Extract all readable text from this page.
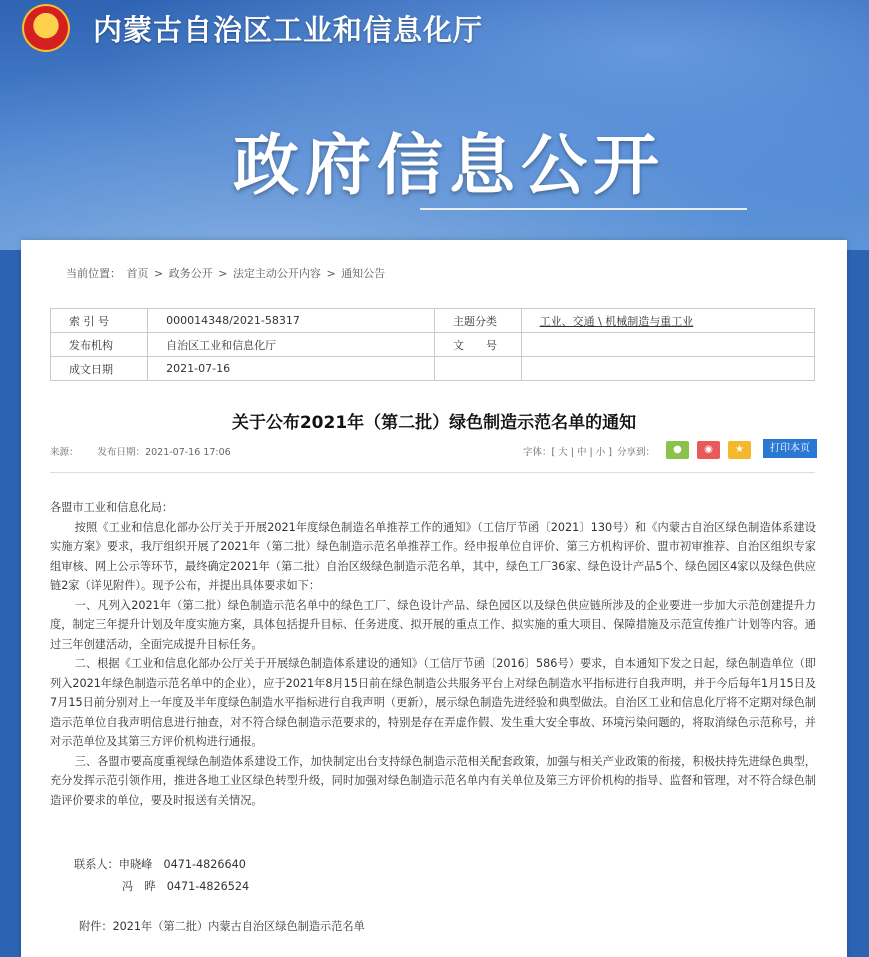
★	内蒙古自治区工业和信息化厅
政府信息公开
当前位置： 首页 > 政务公开 > 法定主动公开内容 > 通知公告
索 引 号	000014348/2021-58317	主题分类	工业、交通 \ 机械制造与重工业
发布机构	自治区工业和信息化厅	文　　号	
成文日期	2021-07-16		
关于公布2021年（第二批）绿色制造示范名单的通知
来源： 发布日期：2021-07-16 17:06	字体：[ 大 | 中 | 小 ] 分享到：	●	◉	★	打印本页

各盟市工业和信息化局：

按照《工业和信息化部办公厅关于开展2021年度绿色制造名单推荐工作的通知》（工信厅节函〔2021〕130号）和《内蒙古自治区绿色制造体系建设实施方案》要求，我厅组织开展了2021年（第二批）绿色制造示范名单推荐工作。经申报单位自评价、第三方机构评价、盟市初审推荐、自治区组织专家组审核、网上公示等环节，最终确定2021年（第二批）自治区级绿色制造示范名单，其中，绿色工厂36家、绿色设计产品5个、绿色园区4家以及绿色供应链2家（详见附件）。现予公布，并提出具体要求如下：

一、凡列入2021年（第二批）绿色制造示范名单中的绿色工厂、绿色设计产品、绿色园区以及绿色供应链所涉及的企业要进一步加大示范创建提升力度，制定三年提升计划及年度实施方案，具体包括提升目标、任务进度、拟开展的重点工作、拟实施的重大项目、保障措施及示范宣传推广计划等内容。通过三年创建活动，全面完成提升目标任务。

二、根据《工业和信息化部办公厅关于开展绿色制造体系建设的通知》（工信厅节函〔2016〕586号）要求，自本通知下发之日起，绿色制造单位（即列入2021年绿色制造示范名单中的企业），应于2021年8月15日前在绿色制造公共服务平台上对绿色制造水平指标进行自我声明，并于今后每年1月15日及7月15日前分别对上一年度及半年度绿色制造水平指标进行自我声明（更新），展示绿色制造先进经验和典型做法。自治区工业和信息化厅将不定期对绿色制造示范单位自我声明信息进行抽查，对不符合绿色制造示范要求的，特别是存在弄虚作假、发生重大安全事故、环境污染问题的，将取消绿色示范称号，并对示范单位及其第三方评价机构进行通报。

三、各盟市要高度重视绿色制造体系建设工作，加快制定出台支持绿色制造示范相关配套政策，加强与相关产业政策的衔接，积极扶持先进绿色典型，充分发挥示范引领作用，推进各地工业区绿色转型升级，同时加强对绿色制造示范名单内有关单位及第三方评价机构的指导、监督和管理，对不符合绿色制造评价要求的单位，要及时报送有关情况。

联系人：申晓峰　0471-4826640
冯　晔　0471-4826524
附件：2021年（第二批）内蒙古自治区绿色制造示范名单
